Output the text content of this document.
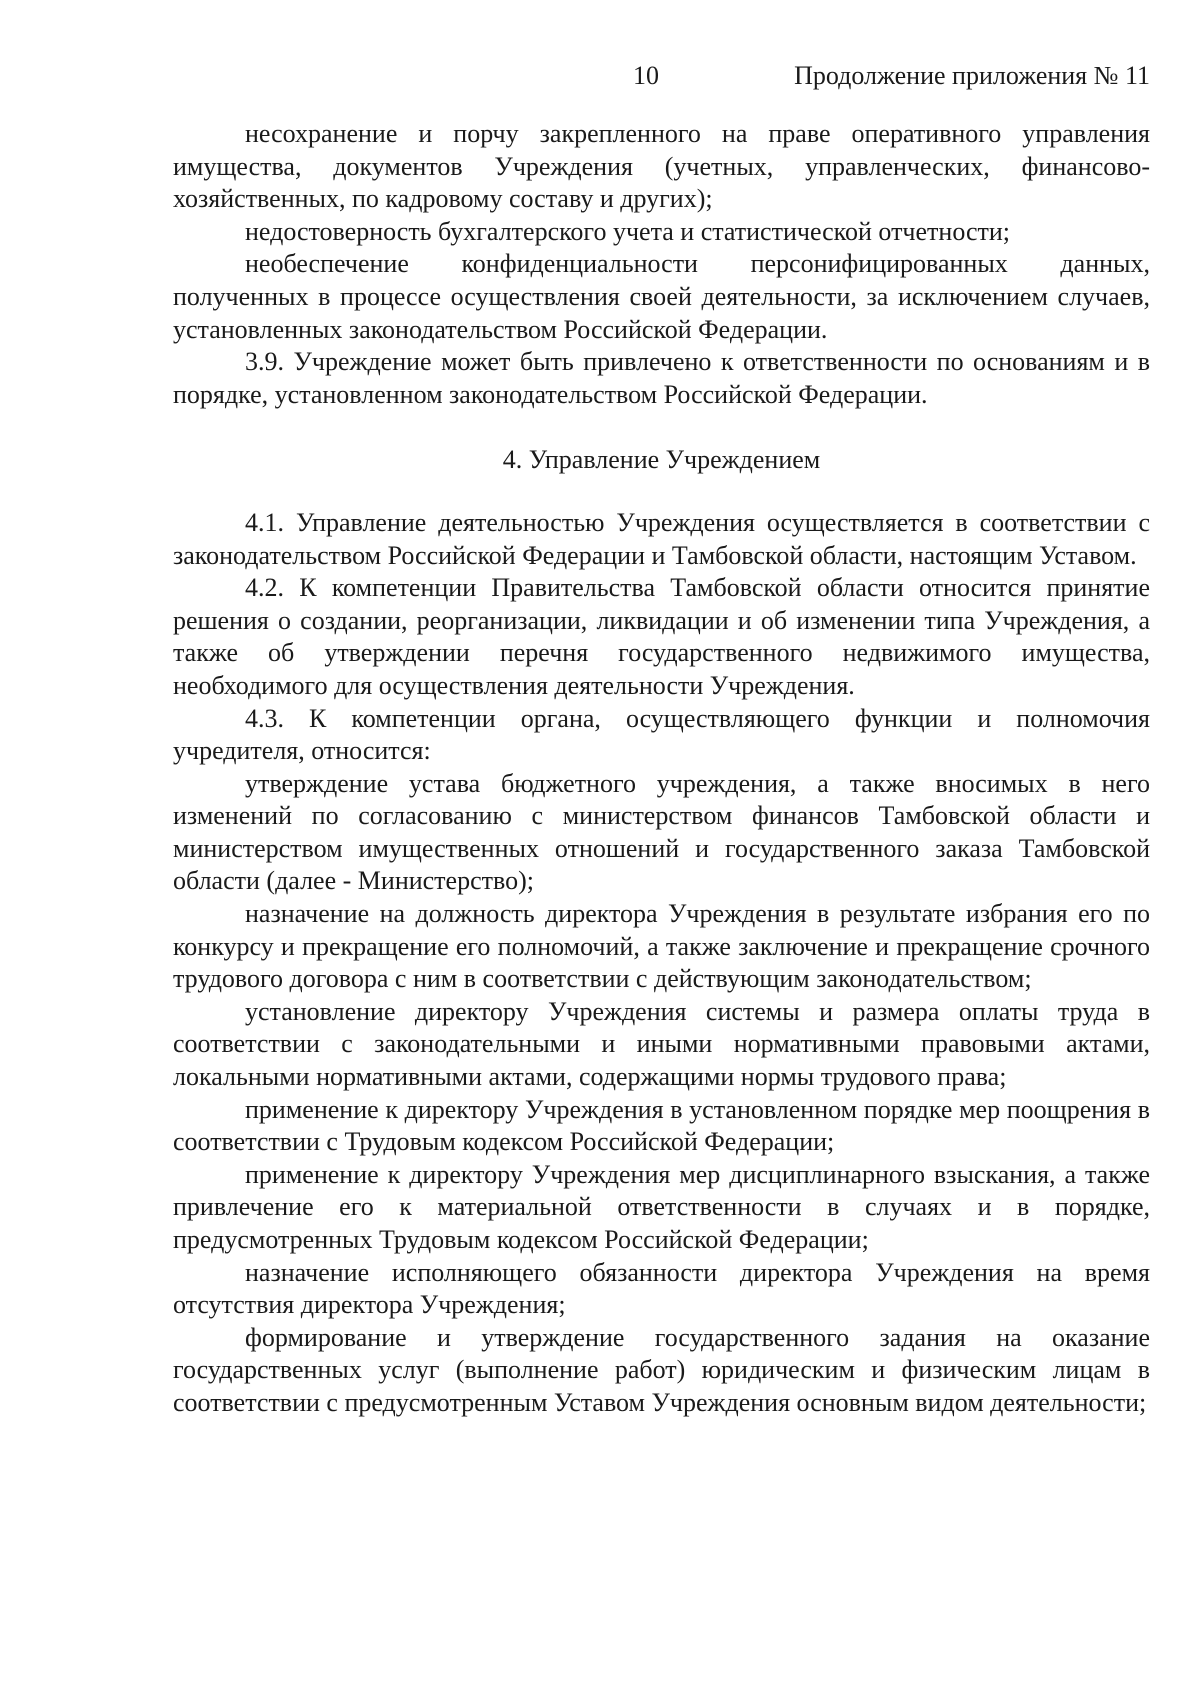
10	Продолжение приложения № 11

несохранение и порчу закрепленного на праве оперативного управления имущества, документов Учреждения (учетных, управленческих, финансово-хозяйственных, по кадровому составу и других);

недостоверность бухгалтерского учета и статистической отчетности;

необеспечение конфиденциальности персонифицированных данных, полученных в процессе осуществления своей деятельности, за исключением случаев, установленных законодательством Российской Федерации.

3.9. Учреждение может быть привлечено к ответственности по основаниям и в порядке, установленном законодательством Российской Федерации.

4. Управление Учреждением

4.1. Управление деятельностью Учреждения осуществляется в соответствии с законодательством Российской Федерации и Тамбовской области, настоящим Уставом.

4.2. К компетенции Правительства Тамбовской области относится принятие решения о создании, реорганизации, ликвидации и об изменении типа Учреждения, а также об утверждении перечня государственного недвижимого имущества, необходимого для осуществления деятельности Учреждения.

4.3. К компетенции органа, осуществляющего функции и полномочия учредителя, относится:

утверждение устава бюджетного учреждения, а также вносимых в него изменений по согласованию с министерством финансов Тамбовской области и министерством имущественных отношений и государственного заказа Тамбовской области (далее - Министерство);

назначение на должность директора Учреждения в результате избрания его по конкурсу и прекращение его полномочий, а также заключение и прекращение срочного трудового договора с ним в соответствии с действующим законодательством;

установление директору Учреждения системы и размера оплаты труда в соответствии с законодательными и иными нормативными правовыми актами, локальными нормативными актами, содержащими нормы трудового права;

применение к директору Учреждения в установленном порядке мер поощрения в соответствии с Трудовым кодексом Российской Федерации;

применение к директору Учреждения мер дисциплинарного взыскания, а также привлечение его к материальной ответственности в случаях и в порядке, предусмотренных Трудовым кодексом Российской Федерации;

назначение исполняющего обязанности директора Учреждения на время отсутствия директора Учреждения;

формирование и утверждение государственного задания на оказание государственных услуг (выполнение работ) юридическим и физическим лицам в соответствии с предусмотренным Уставом Учреждения основным видом деятельности;
